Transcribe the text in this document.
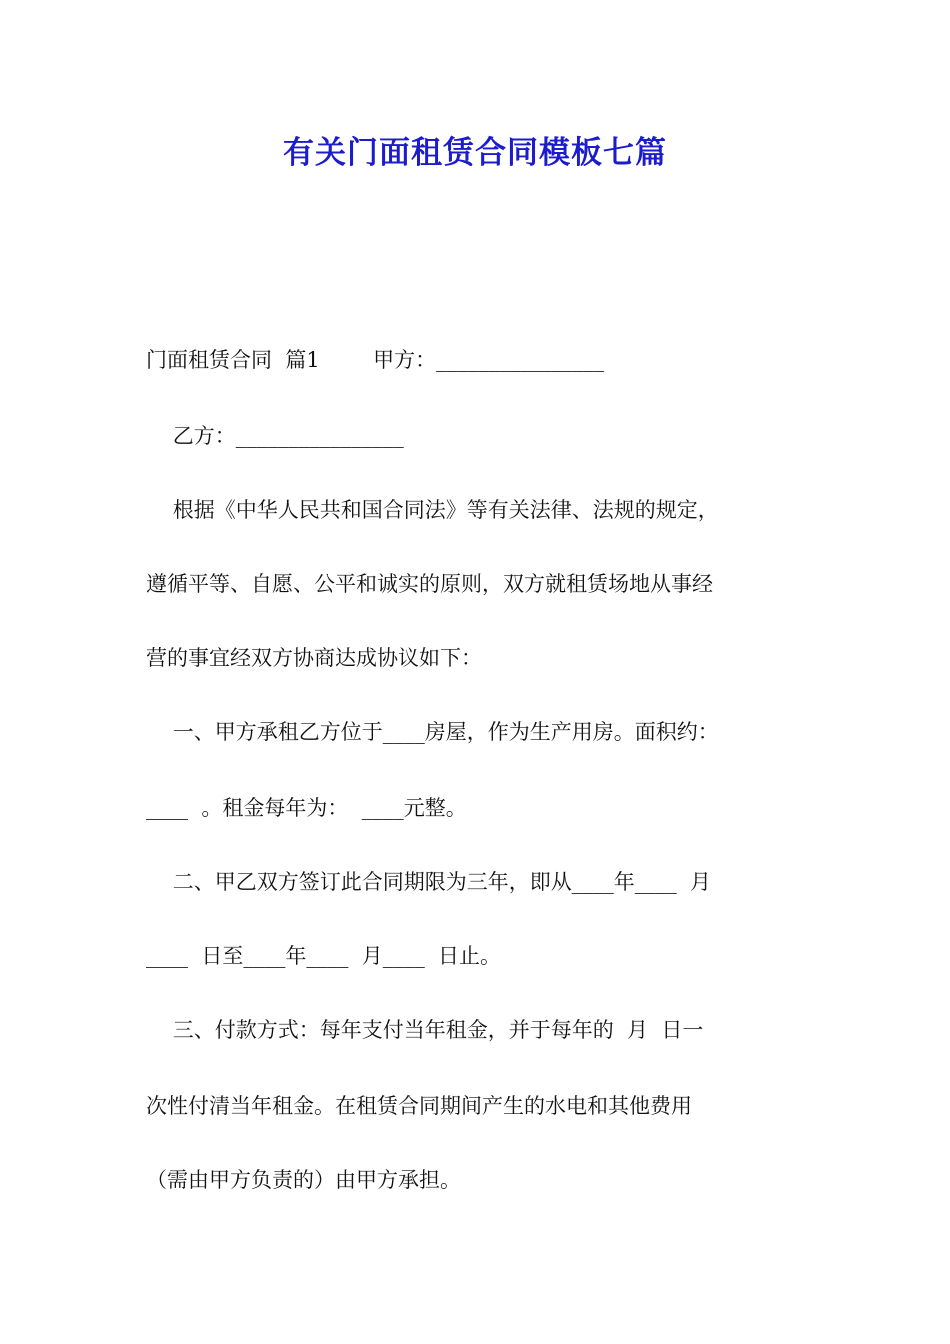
有关门面租赁合同模板七篇

门面租赁合同  篇1        甲方：________________

乙方：________________

根据《中华人民共和国合同法》等有关法律、法规的规定，

遵循平等、自愿、公平和诚实的原则，双方就租赁场地从事经

营的事宜经双方协商达成协议如下：

一、甲方承租乙方位于____房屋，作为生产用房。面积约：

____  。租金每年为：  ____元整。

二、甲乙双方签订此合同期限为三年，即从____年____  月

____  日至____年____  月____  日止。

三、付款方式：每年支付当年租金，并于每年的  月  日一

次性付清当年租金。在租赁合同期间产生的水电和其他费用

（需由甲方负责的）由甲方承担。
